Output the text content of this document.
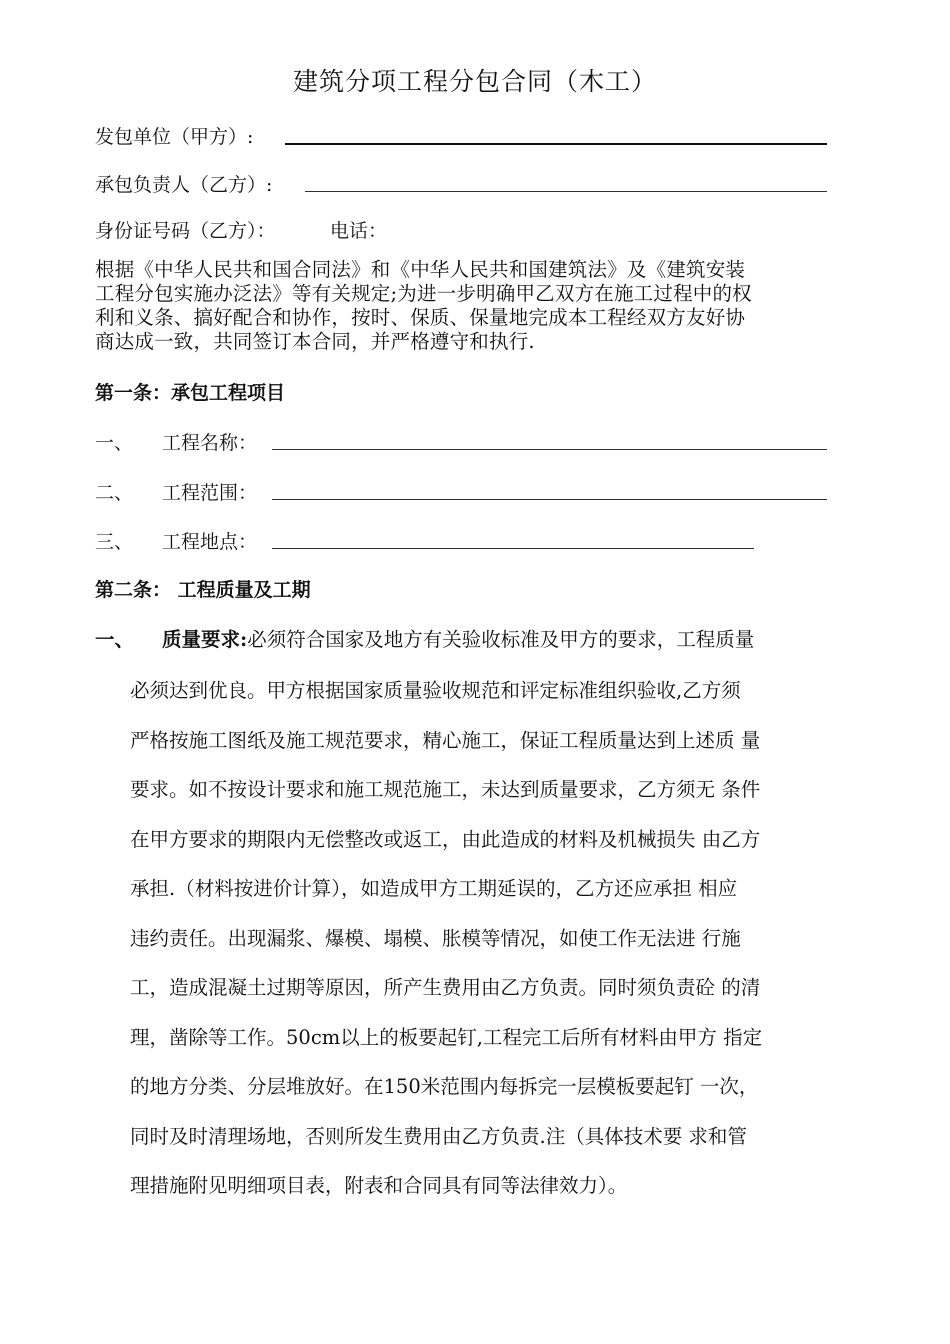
建筑分项工程分包合同（木工）
发包单位（甲方）:
承包负责人（乙方）:
身份证号码（乙方）：	电话：
根据《中华人民共和国合同法》和《中华人民共和国建筑法》及《建筑安装
工程分包实施办泛法》等有关规定;为进一步明确甲乙双方在施工过程中的权
利和义条、搞好配合和协作，按时、保质、保量地完成本工程经双方友好协
商达成一致，共同签订本合同，并严格遵守和执行.
第一条：承包工程项目
一、 工程名称：
二、 工程范围：
三、 工程地点：
第二条： 工程质量及工期
一、 质量要求:必须符合国家及地方有关验收标准及甲方的要求，工程质量
必须达到优良。甲方根据国家质量验收规范和评定标准组织验收,乙方须
严格按施工图纸及施工规范要求，精心施工，保证工程质量达到上述质 量
要求。如不按设计要求和施工规范施工，未达到质量要求，乙方须无 条件
在甲方要求的期限内无偿整改或返工，由此造成的材料及机械损失 由乙方
承担.（材料按进价计算），如造成甲方工期延误的，乙方还应承担 相应
违约责任。出现漏浆、爆模、塌模、胀模等情况，如使工作无法进 行施
工，造成混凝土过期等原因，所产生费用由乙方负责。同时须负责砼 的清
理，凿除等工作。50cm以上的板要起钉,工程完工后所有材料由甲方 指定
的地方分类、分层堆放好。在150米范围内每拆完一层模板要起钉 一次，
同时及时清理场地，否则所发生费用由乙方负责.注（具体技术要 求和管
理措施附见明细项目表，附表和合同具有同等法律效力）。
